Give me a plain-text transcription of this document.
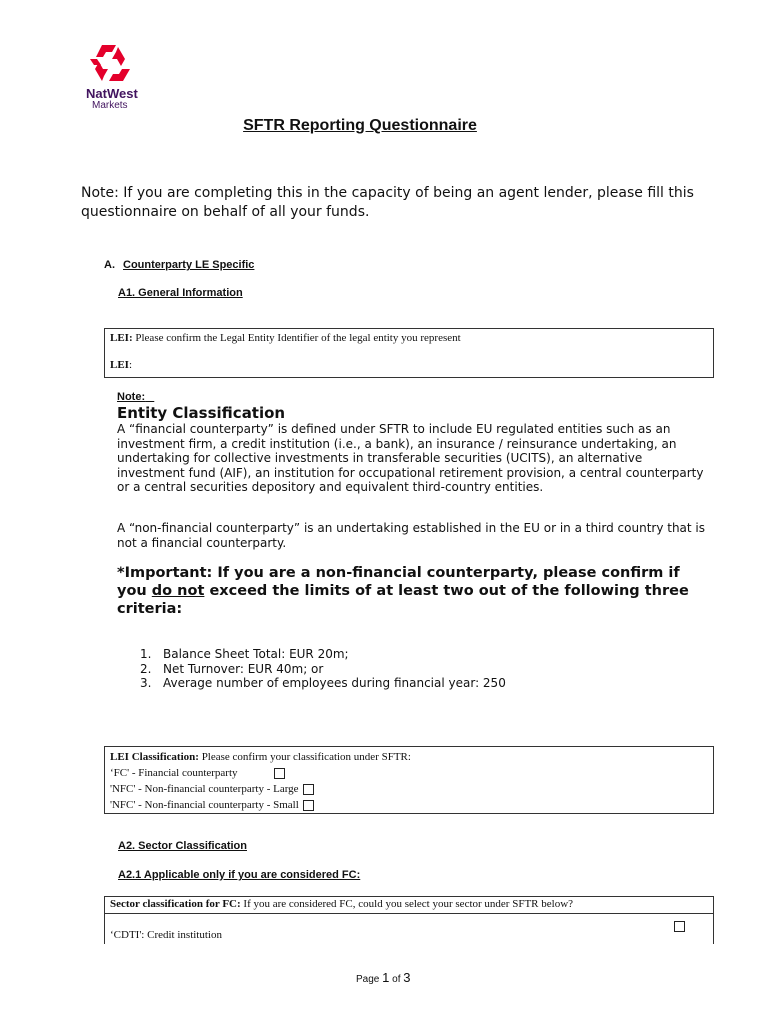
NatWest
Markets
SFTR Reporting Questionnaire
Note: If you are completing this in the capacity of being an agent lender, please fill this questionnaire on behalf of all your funds.
A. Counterparty LE Specific
A1. General Information
LEI: Please confirm the Legal Entity Identifier of the legal entity you represent
LEI:
Note:
Entity Classification
A “financial counterparty” is defined under SFTR to include EU regulated entities such as an investment firm, a credit institution (i.e., a bank), an insurance / reinsurance undertaking, an undertaking for collective investments in transferable securities (UCITS), an alternative investment fund (AIF), an institution for occupational retirement provision, a central counterparty or a central securities depository and equivalent third-country entities.
A “non-financial counterparty” is an undertaking established in the EU or in a third country that is not a financial counterparty.
*Important: If you are a non-financial counterparty, please confirm if you do not exceed the limits of at least two out of the following three criteria:
1. Balance Sheet Total: EUR 20m;
2. Net Turnover: EUR 40m; or
3. Average number of employees during financial year: 250
LEI Classification: Please confirm your classification under SFTR:
‘FC' - Financial counterparty
'NFC' - Non-financial counterparty - Large
'NFC' - Non-financial counterparty - Small
A2. Sector Classification
A2.1 Applicable only if you are considered FC:
Sector classification for FC: If you are considered FC, could you select your sector under SFTR below?
‘CDTI': Credit institution
Page 1 of 3
